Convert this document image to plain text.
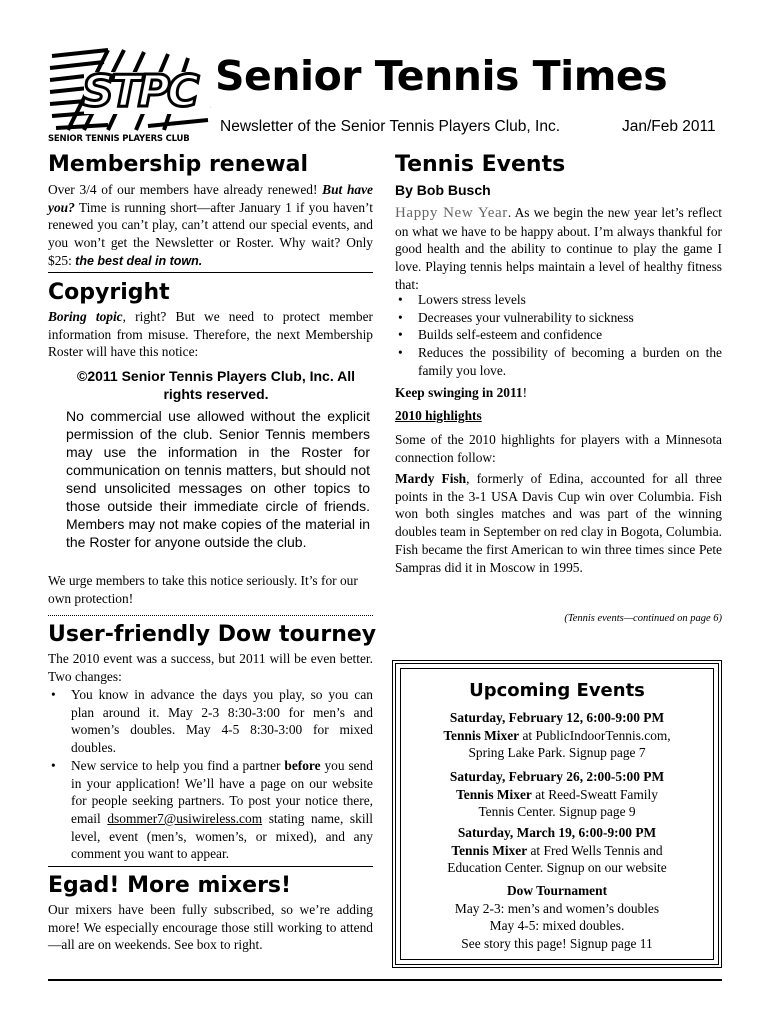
STPC
SENIOR TENNIS PLAYERS CLUB
Senior Tennis Times
Newsletter of the Senior Tennis Players Club, Inc.	Jan/Feb 2011
Membership renewal

Over 3/4 of our members have already renewed! But have you? Time is running short—after January 1 if you haven’t renewed you can’t play, can’t attend our special events, and you won’t get the Newsletter or Roster. Why wait? Only $25: the best deal in town.

Copyright

Boring topic, right? But we need to protect member information from misuse. Therefore, the next Membership Roster will have this notice:

©2011 Senior Tennis Players Club, Inc. All rights reserved.
No commercial use allowed without the explicit permission of the club. Senior Tennis members may use the information in the Roster for communication on tennis matters, but should not send unsolicited messages on other topics to those outside their immediate circle of friends. Members may not make copies of the material in the Roster for anyone outside the club.

We urge members to take this notice seriously. It’s for our own protection!

User-friendly Dow tourney

The 2010 event was a success, but 2011 will be even better. Two changes:

• You know in advance the days you play, so you can plan around it. May 2-3 8:30-3:00 for men’s and women’s doubles. May 4-5 8:30-3:00 for mixed doubles.
• New service to help you find a partner before you send in your application! We’ll have a page on our website for people seeking partners. To post your notice there, email dsommer7@usiwireless.com stating name, skill level, event (men’s, women’s, or mixed), and any comment you want to appear.
Egad! More mixers!

Our mixers have been fully subscribed, so we’re adding more! We especially encourage those still working to attend—all are on weekends. See box to right.

Tennis Events
By Bob Busch

Happy New Year. As we begin the new year let’s reflect on what we have to be happy about. I’m always thankful for good health and the ability to continue to play the game I love. Playing tennis helps maintain a level of healthy fitness that:

• Lowers stress levels
• Decreases your vulnerability to sickness
• Builds self-esteem and confidence
• Reduces the possibility of becoming a burden on the family you love.
Keep swinging in 2011!
2010 highlights

Some of the 2010 highlights for players with a Minnesota connection follow:

Mardy Fish, formerly of Edina, accounted for all three points in the 3-1 USA Davis Cup win over Columbia. Fish won both singles matches and was part of the winning doubles team in September on red clay in Bogota, Columbia. Fish became the first American to win three times since Pete Sampras did it in Moscow in 1995.

(Tennis events—continued on page 6)
Upcoming Events
Saturday, February 12, 6:00-9:00 PM
Tennis Mixer at PublicIndoorTennis.com,
Spring Lake Park. Signup page 7
Saturday, February 26, 2:00-5:00 PM
Tennis Mixer at Reed-Sweatt Family
Tennis Center. Signup page 9
Saturday, March 19, 6:00-9:00 PM
Tennis Mixer at Fred Wells Tennis and
Education Center. Signup on our website
Dow Tournament
May 2-3: men’s and women’s doubles
May 4-5: mixed doubles.
See story this page! Signup page 11
